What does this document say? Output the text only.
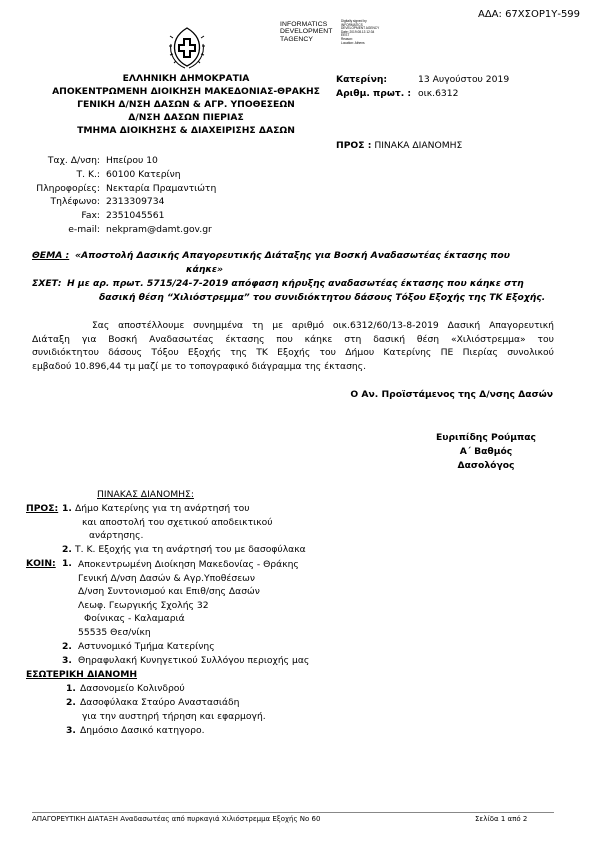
ΑΔΑ: 67ΧΣΟΡ1Υ-599
INFORMATICS
DEVELOPMENT
TAGENCY
Digitally signed by
INFORMATICS
DEVELOPMENT AGENCY
Date: 2019.08.13 12:34
EEST
Reason:
Location: Athens
ΕΛΛΗΝΙΚΗ ΔΗΜΟΚΡΑΤΙΑ
ΑΠΟΚΕΝΤΡΩΜΕΝΗ ΔΙΟΙΚΗΣΗ ΜΑΚΕΔΟΝΙΑΣ-ΘΡΑΚΗΣ
ΓΕΝΙΚΗ Δ/ΝΣΗ ΔΑΣΩΝ & ΑΓΡ. ΥΠΟΘΕΣΕΩΝ
Δ/ΝΣΗ ΔΑΣΩΝ ΠΙΕΡΙΑΣ
ΤΜΗΜΑ ΔΙΟΙΚΗΣΗΣ & ΔΙΑΧΕΙΡΙΣΗΣ ΔΑΣΩΝ
Κατερίνη:	13 Αυγούστου 2019
Αριθμ. πρωτ. : οικ.6312
ΠΡΟΣ : ΠΙΝΑΚΑ ΔΙΑΝΟΜΗΣ
Ταχ. Δ/νση: Ηπείρου 10
Τ. Κ.: 60100 Κατερίνη
Πληροφορίες: Νεκταρία Πραμαντιώτη
Τηλέφωνο: 2313309734
Fax: 2351045561
e-mail: nekpram@damt.gov.gr
ΘΕΜΑ : «Αποστολή Δασικής Απαγορευτικής Διάταξης για Βοσκή Αναδασωτέας έκτασης που
κάηκε»
ΣΧΕΤ: Η με αρ. πρωτ. 5715/24-7-2019 απόφαση κήρυξης αναδασωτέας έκτασης που κάηκε στη
δασική θέση “Χιλιόστρεμμα” του συνιδιόκτητου δάσους Τόξου Εξοχής της ΤΚ Εξοχής.
Σας αποστέλλουμε συνημμένα τη με αριθμό οικ.6312/60/13-8-2019 Δασική Απαγορευτική
Διάταξη για Βοσκή Αναδασωτέας έκτασης που κάηκε στη δασική θέση «Χιλιόστρεμμα» του
συνιδιόκτητου δάσους Τόξου Εξοχής της ΤΚ Εξοχής του Δήμου Κατερίνης ΠΕ Πιερίας συνολικού
εμβαδού 10.896,44 τμ μαζί με το τοπογραφικό διάγραμμα της έκτασης.
Ο Αν. Προϊστάμενος της Δ/νσης Δασών
Ευριπίδης Ρούμπας
Α΄ Βαθμός
Δασολόγος
ΠΙΝΑΚΑΣ ΔΙΑΝΟΜΗΣ:
ΠΡΟΣ: 1. Δήμο Κατερίνης για τη ανάρτησή του
και αποστολή του σχετικού αποδεικτικού
ανάρτησης.
2. Τ. Κ. Εξοχής για τη ανάρτησή του με δασοφύλακα
ΚΟΙΝ: 1. Αποκεντρωμένη Διοίκηση Μακεδονίας - Θράκης
Γενική Δ/νση Δασών & Αγρ.Υποθέσεων
Δ/νση Συντονισμού και Επιθ/σης Δασών
Λεωφ. Γεωργικής Σχολής 32
Φοίνικας - Καλαμαριά
55535 Θεσ/νίκη
2. Αστυνομικό Τμήμα Κατερίνης
3. Θηραφυλακή Κυνηγετικού Συλλόγου περιοχής μας
ΕΣΩΤΕΡΙΚΗ ΔΙΑΝΟΜΗ
1. Δασονομείο Κολινδρού
2. Δασοφύλακα Σταύρο Αναστασιάδη
για την αυστηρή τήρηση και εφαρμογή.
3. Δημόσιο Δασικό κατηγορο.
ΑΠΑΓΟΡΕΥΤΙΚΗ ΔΙΑΤΑΞΗ Αναδασωτέας από πυρκαγιά Χιλιόστρεμμα Εξοχής Νο 60	Σελίδα 1 από 2
